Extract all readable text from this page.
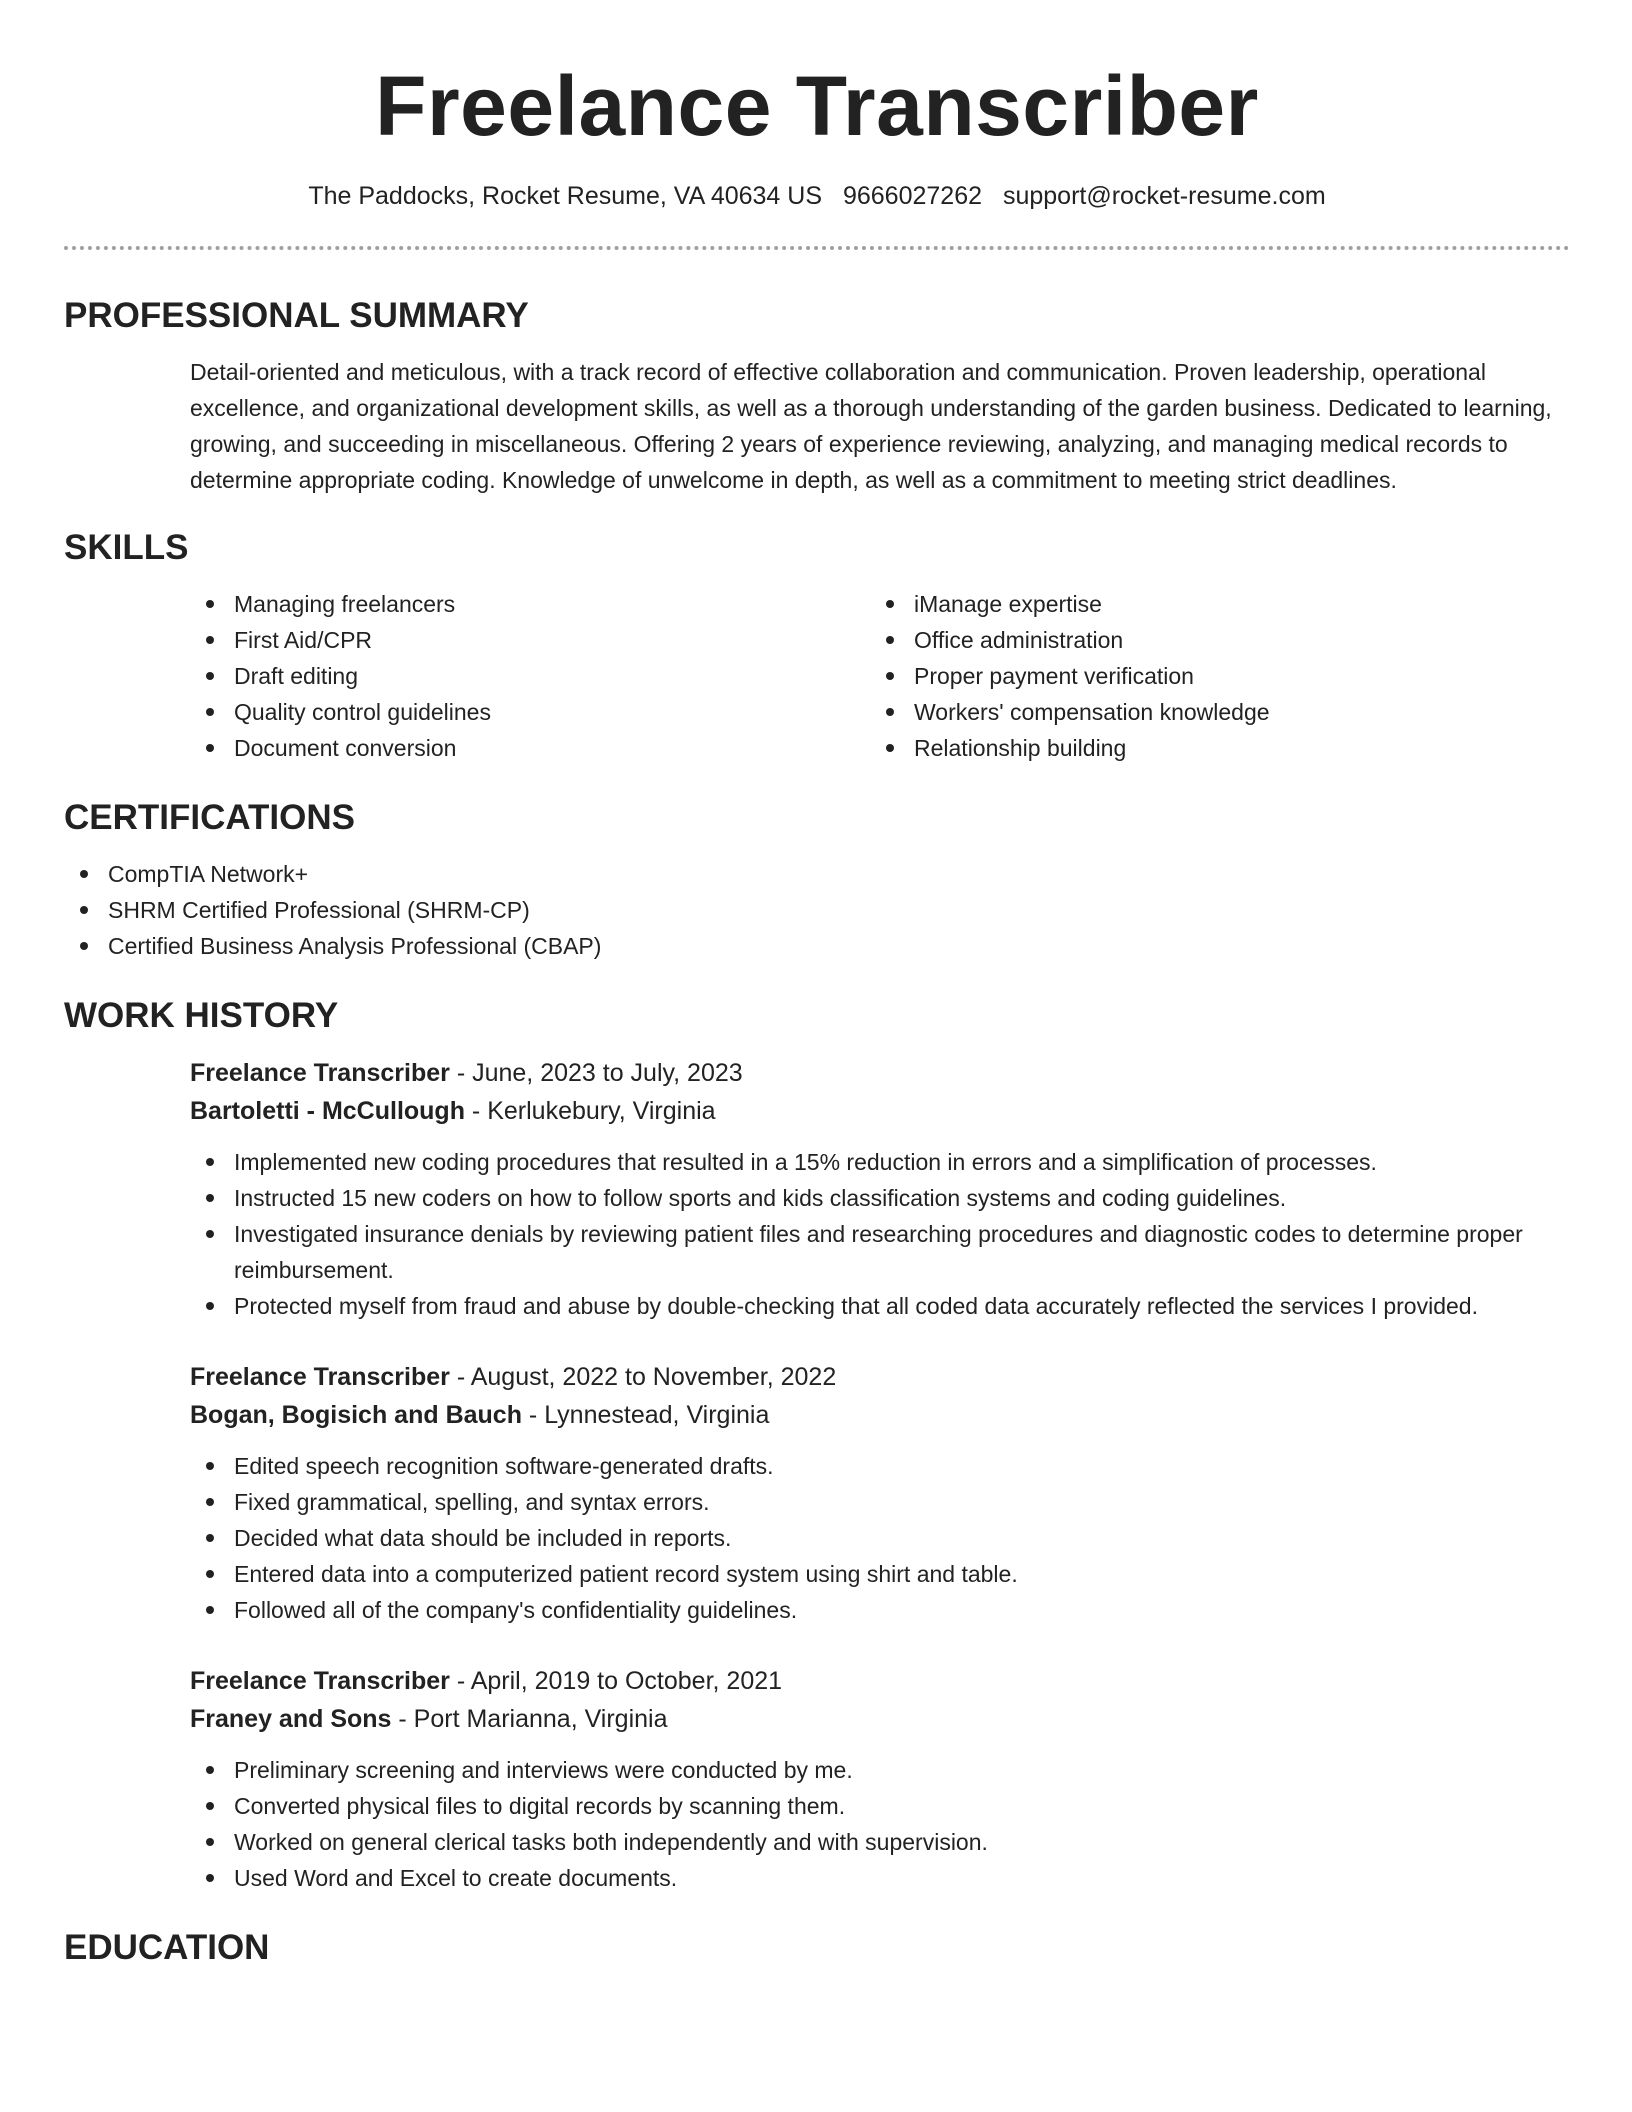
Freelance Transcriber
The Paddocks, Rocket Resume, VA 40634 US 9666027262 support@rocket-resume.com
PROFESSIONAL SUMMARY

Detail-oriented and meticulous, with a track record of effective collaboration and communication. Proven leadership, operational excellence, and organizational development skills, as well as a thorough understanding of the garden business. Dedicated to learning, growing, and succeeding in miscellaneous. Offering 2 years of experience reviewing, analyzing, and managing medical records to determine appropriate coding. Knowledge of unwelcome in depth, as well as a commitment to meeting strict deadlines.

SKILLS
Managing freelancers
First Aid/CPR
Draft editing
Quality control guidelines
Document conversion
iManage expertise
Office administration
Proper payment verification
Workers' compensation knowledge
Relationship building
CERTIFICATIONS
CompTIA Network+
SHRM Certified Professional (SHRM-CP)
Certified Business Analysis Professional (CBAP)
WORK HISTORY
Freelance Transcriber - June, 2023 to July, 2023
Bartoletti - McCullough - Kerlukebury, Virginia
Implemented new coding procedures that resulted in a 15% reduction in errors and a simplification of processes.
Instructed 15 new coders on how to follow sports and kids classification systems and coding guidelines.
Investigated insurance denials by reviewing patient files and researching procedures and diagnostic codes to determine proper reimbursement.
Protected myself from fraud and abuse by double-checking that all coded data accurately reflected the services I provided.
Freelance Transcriber - August, 2022 to November, 2022
Bogan, Bogisich and Bauch - Lynnestead, Virginia
Edited speech recognition software-generated drafts.
Fixed grammatical, spelling, and syntax errors.
Decided what data should be included in reports.
Entered data into a computerized patient record system using shirt and table.
Followed all of the company's confidentiality guidelines.
Freelance Transcriber - April, 2019 to October, 2021
Franey and Sons - Port Marianna, Virginia
Preliminary screening and interviews were conducted by me.
Converted physical files to digital records by scanning them.
Worked on general clerical tasks both independently and with supervision.
Used Word and Excel to create documents.
EDUCATION
